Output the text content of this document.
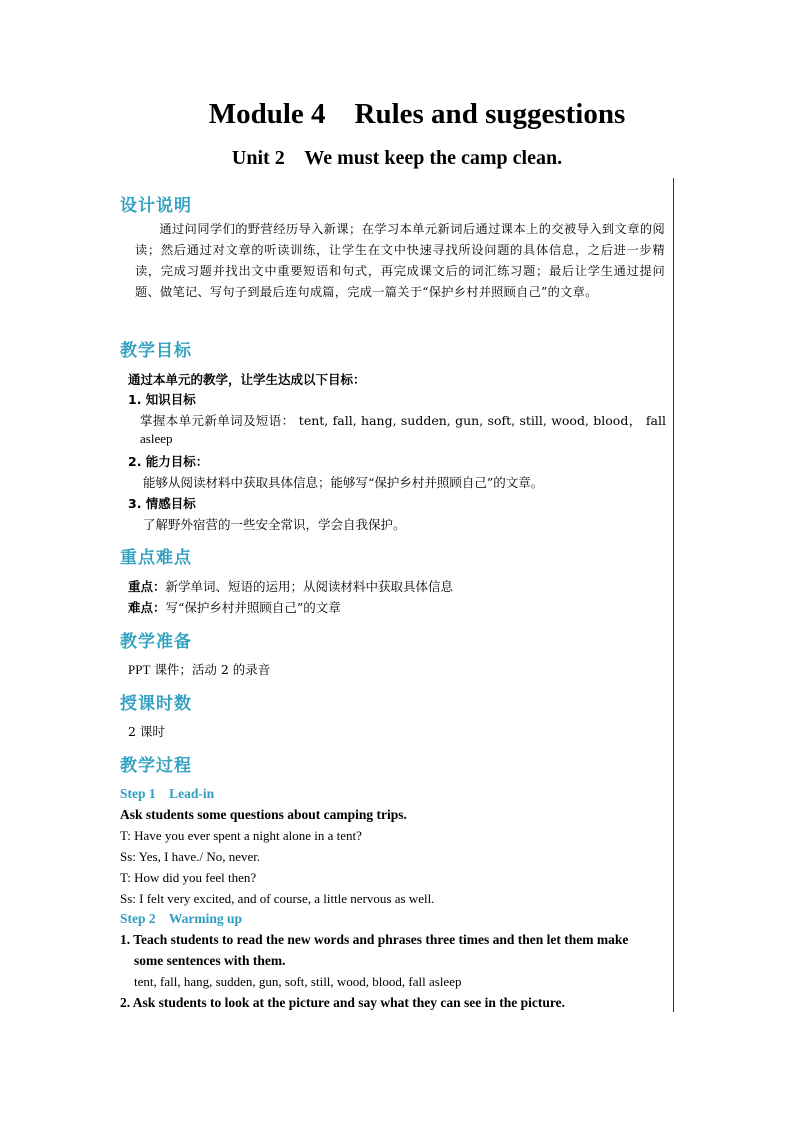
Module 4    Rules and suggestions
Unit 2    We must keep the camp clean.
设计说明
通过问同学们的野营经历导入新课；在学习本单元新词后通过课本上的交被导入到文章的阅读；然后通过对文章的听读训练，让学生在文中快速寻找所设问题的具体信息，之后进一步精读，完成习题并找出文中重要短语和句式，再完成课文后的词汇练习题；最后让学生通过提问题、做笔记、写句子到最后连句成篇，完成一篇关于“保护乡村并照顾自己”的文章。
教学目标
通过本单元的教学，让学生达成以下目标：
1. 知识目标
掌握本单元新单词及短语： tent, fall, hang, sudden, gun, soft, still, wood, blood， fall
asleep
2. 能力目标：
能够从阅读材料中获取具体信息；能够写“保护乡村并照顾自己”的文章。
3. 情感目标
了解野外宿营的一些安全常识，学会自我保护。
重点难点
重点：新学单词、短语的运用；从阅读材料中获取具体信息
难点：写“保护乡村并照顾自己”的文章
教学准备
PPT 课件；活动 2 的录音
授课时数
2 课时
教学过程
Step 1    Lead-in
Ask students some questions about camping trips.
T: Have you ever spent a night alone in a tent?
Ss: Yes, I have./ No, never.
T: How did you feel then?
Ss: I felt very excited, and of course, a little nervous as well.
Step 2    Warming up
1. Teach students to read the new words and phrases three times and then let them make
some sentences with them.
tent, fall, hang, sudden, gun, soft, still, wood, blood, fall asleep
2. Ask students to look at the picture and say what they can see in the picture.
